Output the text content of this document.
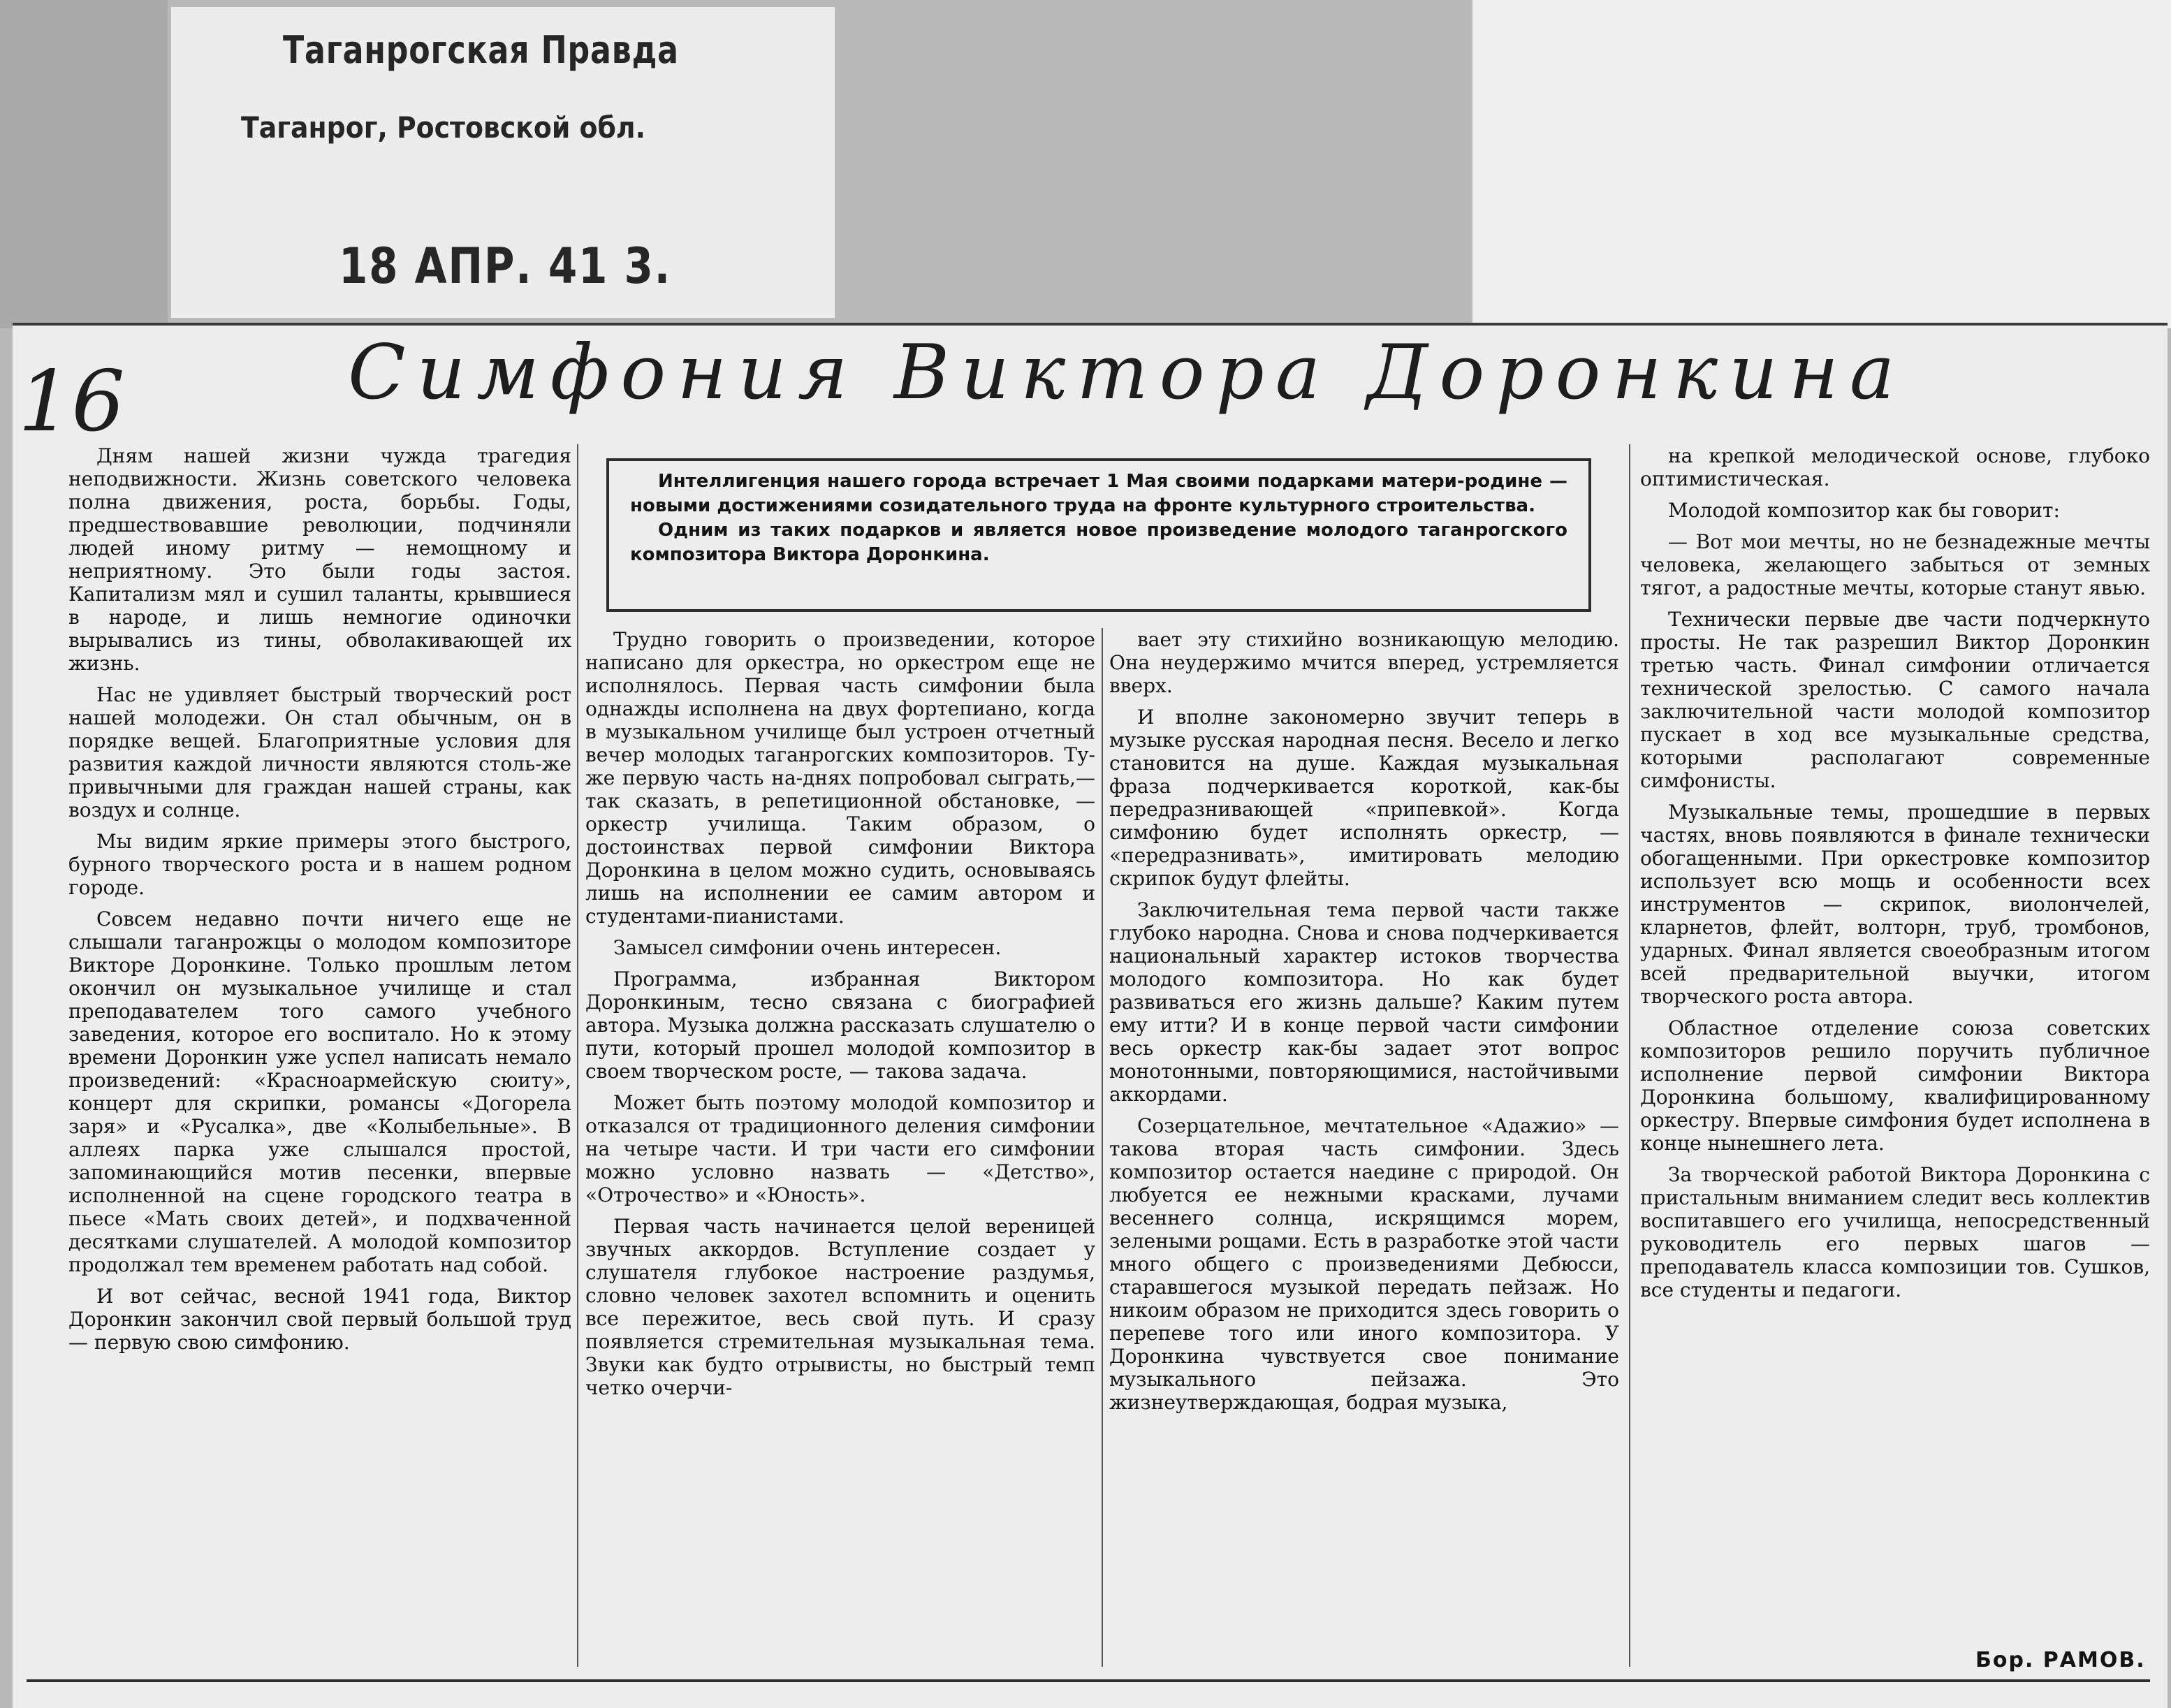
Таганрогская Правда
Таганрог, Ростовской обл.
18 АПР. 41 3.
16	Симфония Виктора Доронкина

Дням нашей жизни чужда трагедия неподвижности. Жизнь советского человека полна движения, роста, борьбы. Годы, предшествовавшие революции, подчиняли людей иному ритму — немощному и неприятному. Это были годы застоя. Капитализм мял и сушил таланты, крывшиеся в народе, и лишь немногие одиночки вырывались из тины, обволакивающей их жизнь.

Нас не удивляет быстрый творческий рост нашей молодежи. Он стал обычным, он в порядке вещей. Благоприятные условия для развития каждой личности являются столь-же привычными для граждан нашей страны, как воздух и солнце.

Мы видим яркие примеры этого быстрого, бурного творческого роста и в нашем родном городе.

Совсем недавно почти ничего еще не слышали таганрожцы о молодом композиторе Викторе Доронкине. Только прошлым летом окончил он музыкальное училище и стал преподавателем того самого учебного заведения, которое его воспитало. Но к этому времени Доронкин уже успел написать немало произведений: «Красноармейскую сюиту», концерт для скрипки, романсы «Догорела заря» и «Русалка», две «Колыбельные». В аллеях парка уже слышался простой, запоминающийся мотив песенки, впервые исполненной на сцене городского театра в пьесе «Мать своих детей», и подхваченной десятками слушателей. А молодой композитор продолжал тем временем работать над собой.

И вот сейчас, весной 1941 года, Виктор Доронкин закончил свой первый большой труд — первую свою симфонию.

Интеллигенция нашего города встречает 1 Мая своими подарками матери-родине — новыми достижениями созидательного труда на фронте культурного строительства.

Одним из таких подарков и является новое произведение молодого таганрогского композитора Виктора Доронкина.

Трудно говорить о произведении, которое написано для оркестра, но оркестром еще не исполнялось. Первая часть симфонии была однажды исполнена на двух фортепиано, когда в музыкальном училище был устроен отчетный вечер молодых таганрогских композиторов. Ту-же первую часть на-днях попробовал сыграть,—так сказать, в репетиционной обстановке, — оркестр училища. Таким образом, о достоинствах первой симфонии Виктора Доронкина в целом можно судить, основываясь лишь на исполнении ее самим автором и студентами-пианистами.

Замысел симфонии очень интересен.

Программа, избранная Виктором Доронкиным, тесно связана с биографией автора. Музыка должна рассказать слушателю о пути, который прошел молодой композитор в своем творческом росте, — такова задача.

Может быть поэтому молодой композитор и отказался от традиционного деления симфонии на четыре части. И три части его симфонии можно условно назвать — «Детство», «Отрочество» и «Юность».

Первая часть начинается целой вереницей звучных аккордов. Вступление создает у слушателя глубокое настроение раздумья, словно человек захотел вспомнить и оценить все пережитое, весь свой путь. И сразу появляется стремительная музыкальная тема. Звуки как будто отрывисты, но быстрый темп четко очерчи-

вает эту стихийно возникающую мелодию. Она неудержимо мчится вперед, устремляется вверх.

И вполне закономерно звучит теперь в музыке русская народная песня. Весело и легко становится на душе. Каждая музыкальная фраза подчеркивается короткой, как-бы передразнивающей «припевкой». Когда симфонию будет исполнять оркестр, — «передразнивать», имитировать мелодию скрипок будут флейты.

Заключительная тема первой части также глубоко народна. Снова и снова подчеркивается национальный характер истоков творчества молодого композитора. Но как будет развиваться его жизнь дальше? Каким путем ему итти? И в конце первой части симфонии весь оркестр как-бы задает этот вопрос монотонными, повторяющимися, настойчивыми аккордами.

Созерцательное, мечтательное «Адажио» — такова вторая часть симфонии. Здесь композитор остается наедине с природой. Он любуется ее нежными красками, лучами весеннего солнца, искрящимся морем, зелеными рощами. Есть в разработке этой части много общего с произведениями Дебюсси, старавшегося музыкой передать пейзаж. Но никоим образом не приходится здесь говорить о перепеве того или иного композитора. У Доронкина чувствуется свое понимание музыкального пейзажа. Это жизнеутверждающая, бодрая музыка,

на крепкой мелодической основе, глубоко оптимистическая.

Молодой композитор как бы говорит:

— Вот мои мечты, но не безнадежные мечты человека, желающего забыться от земных тягот, а радостные мечты, которые станут явью.

Технически первые две части подчеркнуто просты. Не так разрешил Виктор Доронкин третью часть. Финал симфонии отличается технической зрелостью. С самого начала заключительной части молодой композитор пускает в ход все музыкальные средства, которыми располагают современные симфонисты.

Музыкальные темы, прошедшие в первых частях, вновь появляются в финале технически обогащенными. При оркестровке композитор использует всю мощь и особенности всех инструментов — скрипок, виолончелей, кларнетов, флейт, волторн, труб, тромбонов, ударных. Финал является своеобразным итогом всей предварительной выучки, итогом творческого роста автора.

Областное отделение союза советских композиторов решило поручить публичное исполнение первой симфонии Виктора Доронкина большому, квалифицированному оркестру. Впервые симфония будет исполнена в конце нынешнего лета.

За творческой работой Виктора Доронкина с пристальным вниманием следит весь коллектив воспитавшего его училища, непосредственный руководитель его первых шагов — преподаватель класса композиции тов. Сушков, все студенты и педагоги.

Бор. РАМОВ.
